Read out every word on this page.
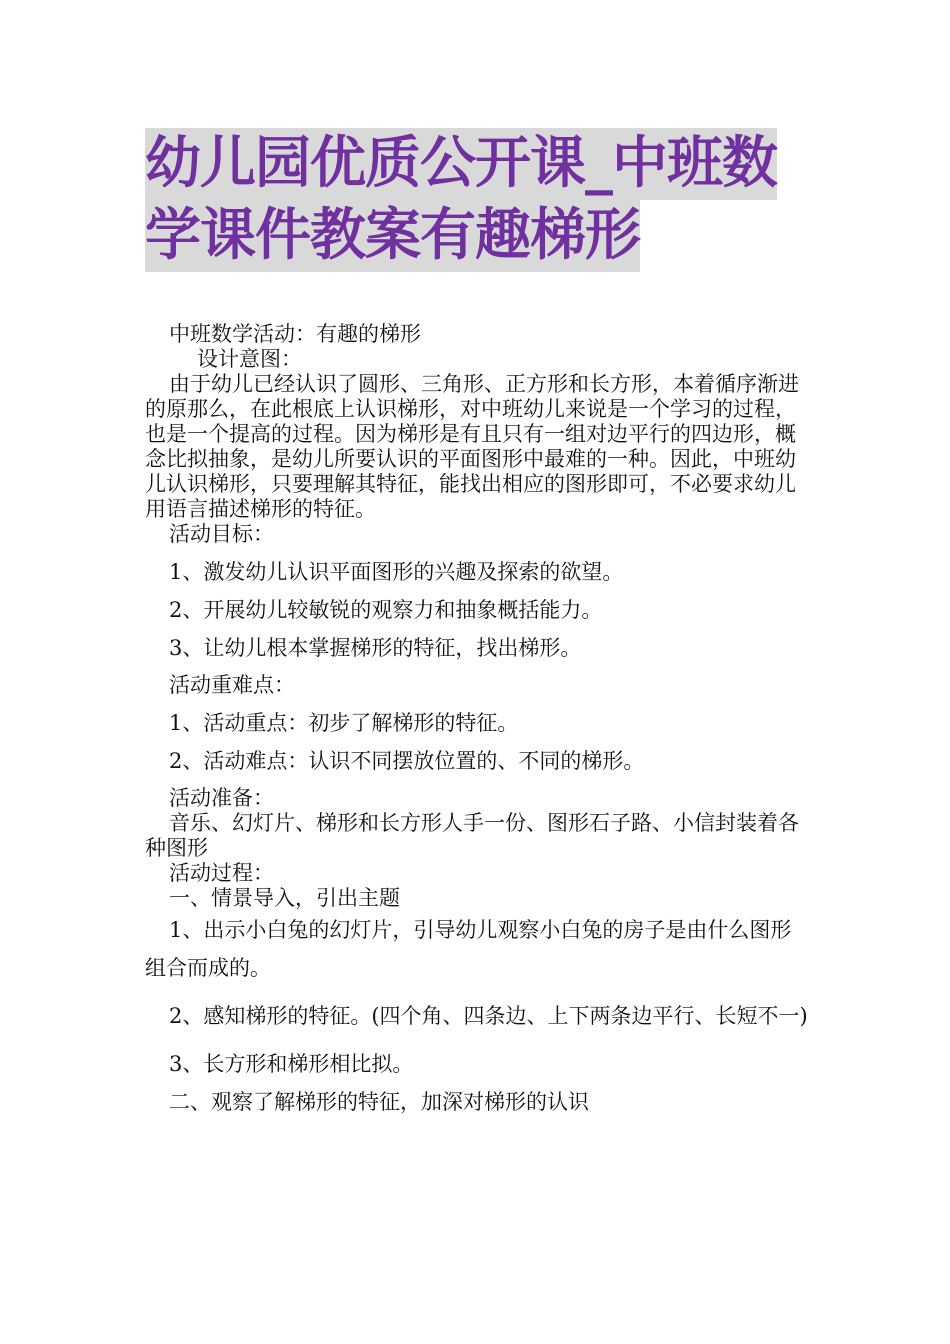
幼儿园优质公开课_中班数
学课件教案有趣梯形

中班数学活动：有趣的梯形

设计意图：

由于幼儿已经认识了圆形、三角形、正方形和长方形，本着循序渐进的原那么，在此根底上认识梯形，对中班幼儿来说是一个学习的过程，也是一个提高的过程。因为梯形是有且只有一组对边平行的四边形，概念比拟抽象，是幼儿所要认识的平面图形中最难的一种。因此，中班幼儿认识梯形，只要理解其特征，能找出相应的图形即可，不必要求幼儿用语言描述梯形的特征。

活动目标：

1、激发幼儿认识平面图形的兴趣及探索的欲望。

2、开展幼儿较敏锐的观察力和抽象概括能力。

3、让幼儿根本掌握梯形的特征，找出梯形。

活动重难点：

1、活动重点：初步了解梯形的特征。

2、活动难点：认识不同摆放位置的、不同的梯形。

活动准备：

音乐、幻灯片、梯形和长方形人手一份、图形石子路、小信封装着各种图形

活动过程：

一、情景导入，引出主题

1、出示小白兔的幻灯片，引导幼儿观察小白兔的房子是由什么图形组合而成的。

2、感知梯形的特征。(四个角、四条边、上下两条边平行、长短不一)

3、长方形和梯形相比拟。

二、观察了解梯形的特征，加深对梯形的认识
